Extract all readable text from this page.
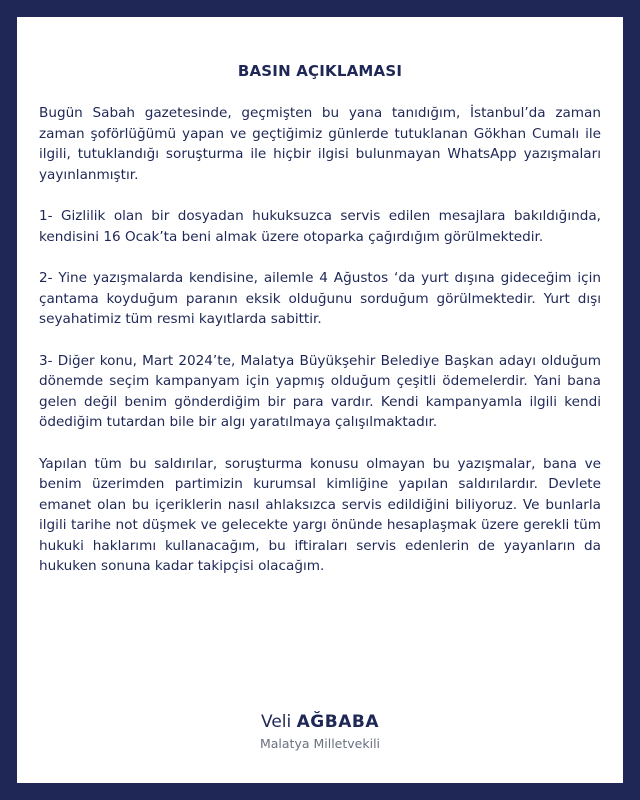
BASIN AÇIKLAMASI

Bugün Sabah gazetesinde, geçmişten bu yana tanıdığım, İstanbul’da zaman zaman şoförlüğümü yapan ve geçtiğimiz günlerde tutuklanan Gökhan Cumalı ile ilgili, tutuklandığı soruşturma ile hiçbir ilgisi bulunmayan WhatsApp yazışmaları yayınlanmıştır.

1- Gizlilik olan bir dosyadan hukuksuzca servis edilen mesajlara bakıldığında, kendisini 16 Ocak’ta beni almak üzere otoparka çağırdığım görülmektedir.

2- Yine yazışmalarda kendisine, ailemle 4 Ağustos ‘da yurt dışına gideceğim için çantama koyduğum paranın eksik olduğunu sorduğum görülmektedir. Yurt dışı seyahatimiz tüm resmi kayıtlarda sabittir.

3- Diğer konu, Mart 2024’te, Malatya Büyükşehir Belediye Başkan adayı olduğum dönemde seçim kampanyam için yapmış olduğum çeşitli ödemelerdir. Yani bana gelen değil benim gönderdiğim bir para vardır. Kendi kampanyamla ilgili kendi ödediğim tutardan bile bir algı yaratılmaya çalışılmaktadır.

Yapılan tüm bu saldırılar, soruşturma konusu olmayan bu yazışmalar, bana ve benim üzerimden partimizin kurumsal kimliğine yapılan saldırılardır. Devlete emanet olan bu içeriklerin nasıl ahlaksızca servis edildiğini biliyoruz. Ve bunlarla ilgili tarihe not düşmek ve gelecekte yargı önünde hesaplaşmak üzere gerekli tüm hukuki haklarımı kullanacağım, bu iftiraları servis edenlerin de yayanların da hukuken sonuna kadar takipçisi olacağım.

Veli AĞBABA
Malatya Milletvekili
